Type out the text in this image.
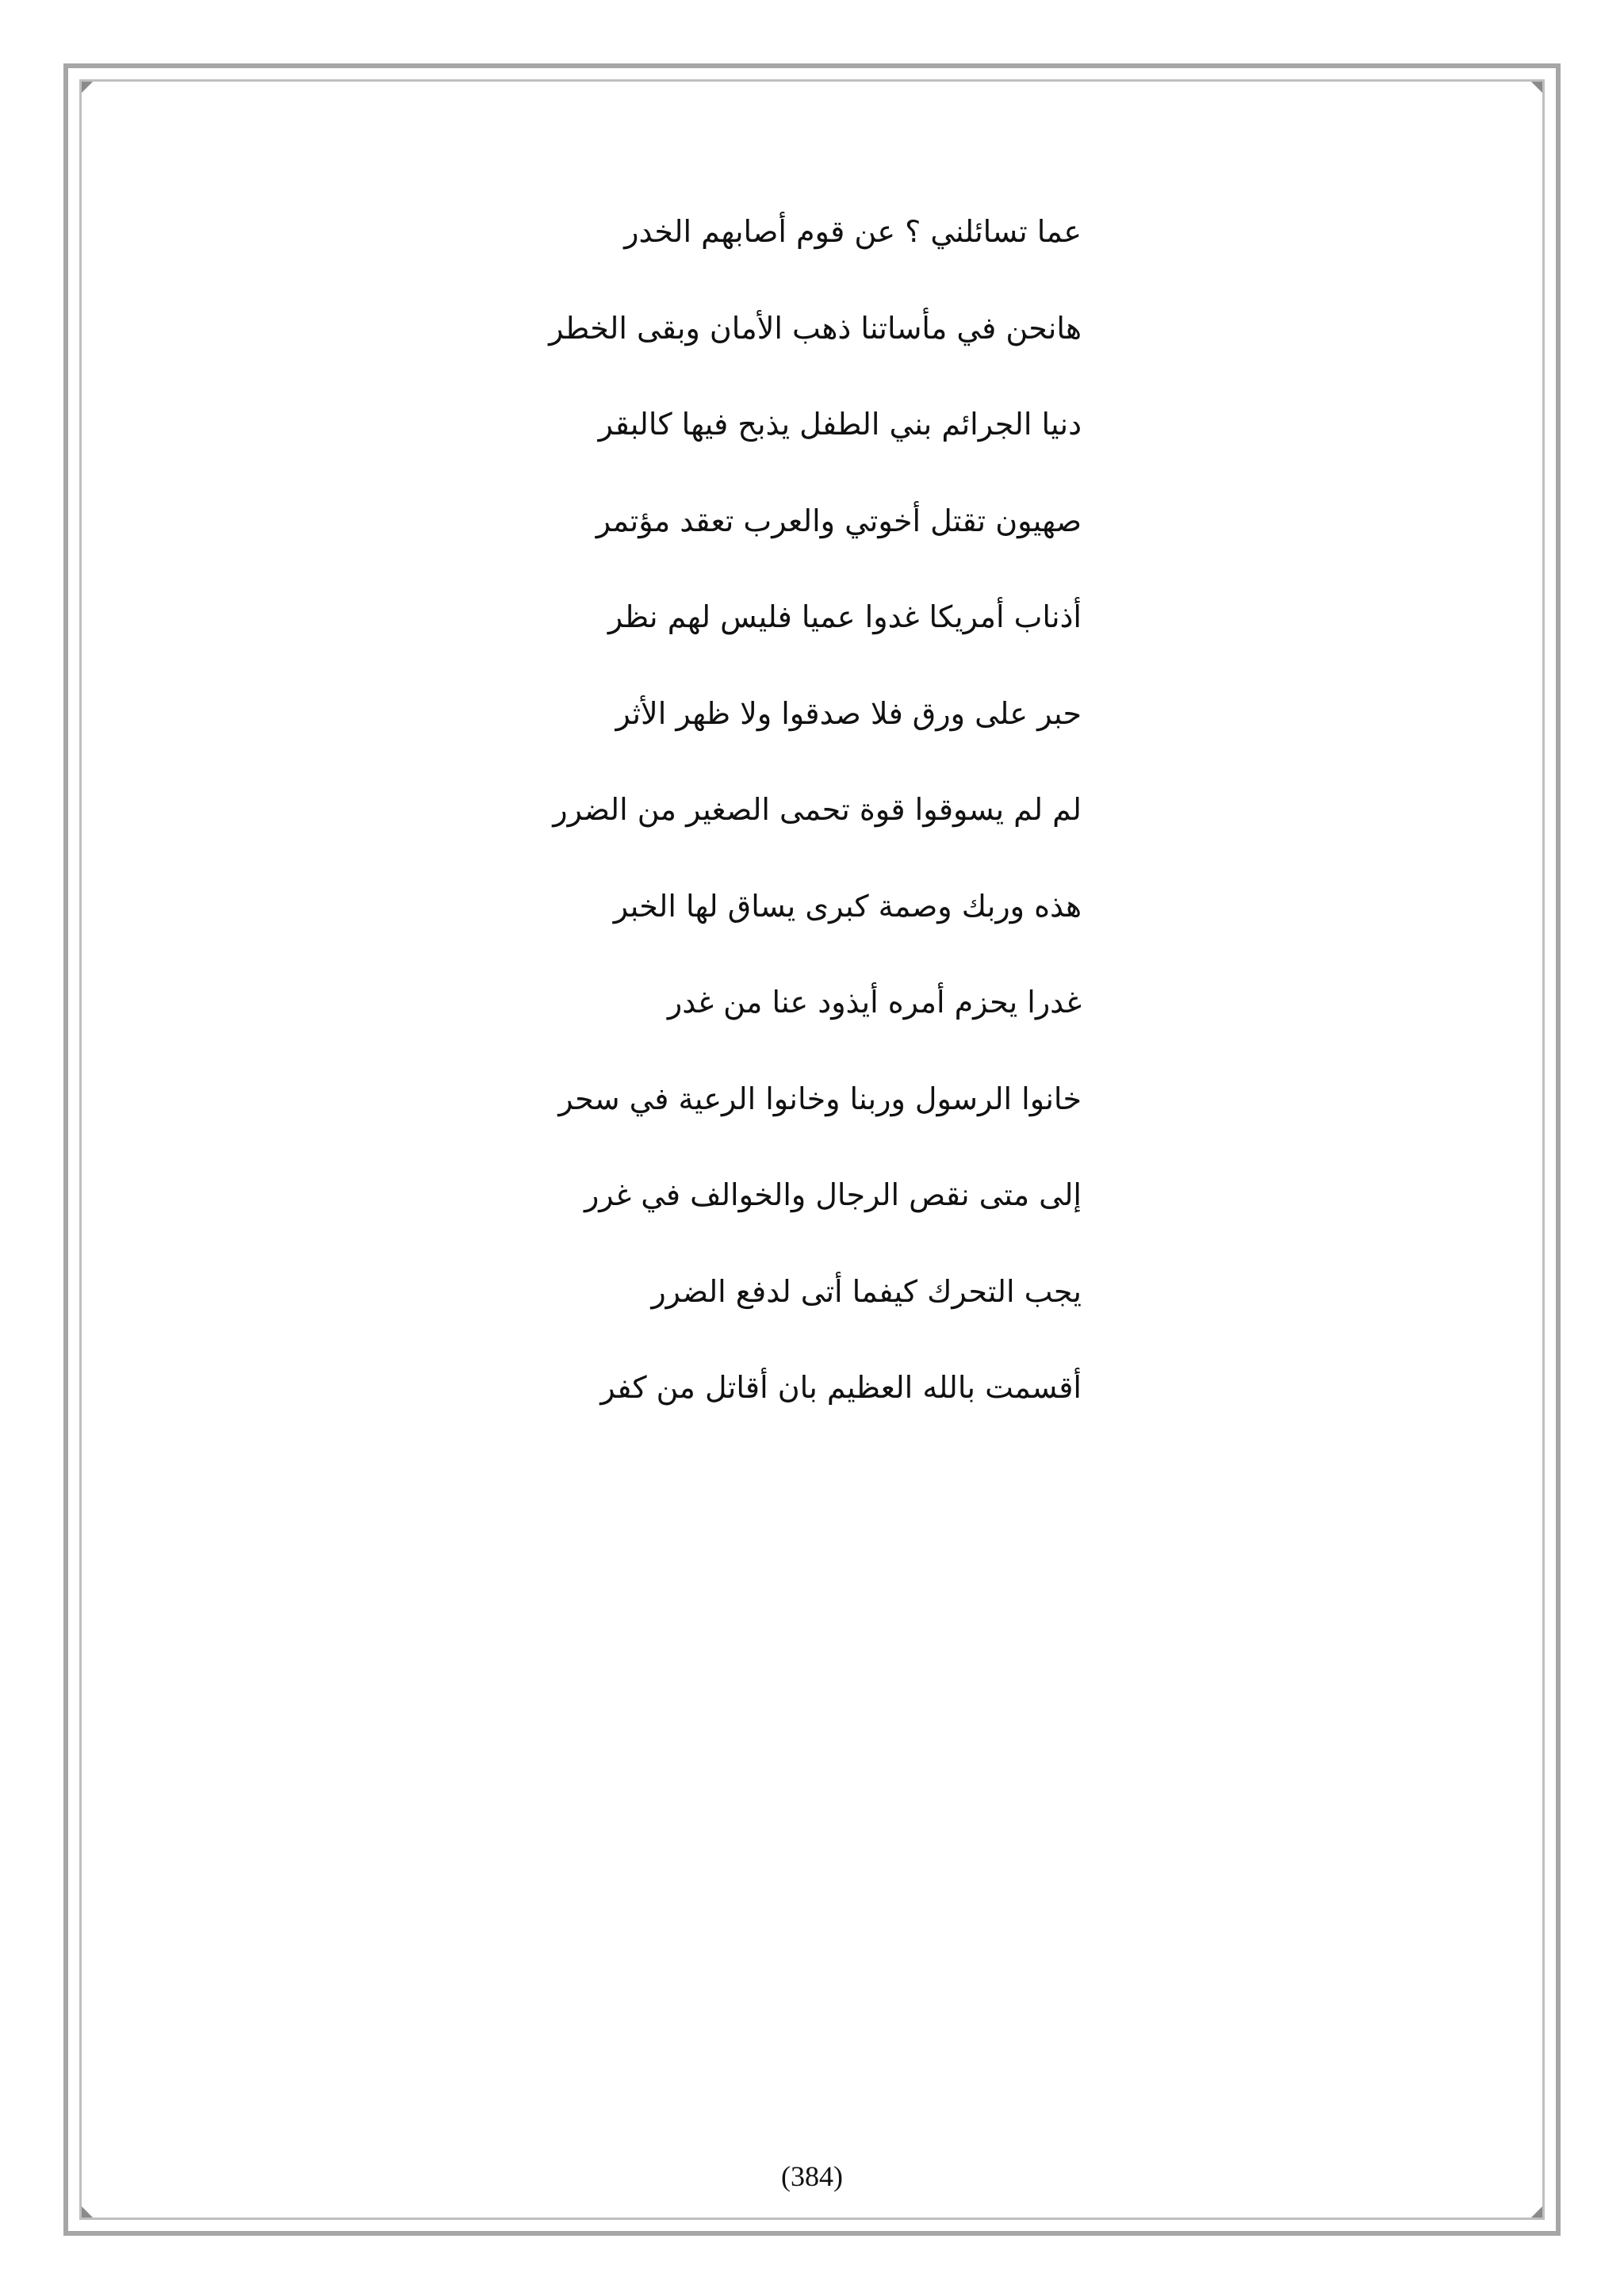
عما تسائلني ؟ عن قوم أصابهم الخدر
هانحن في مأساتنا ذهب الأمان وبقى الخطر
دنيا الجرائم بني الطفل يذبح فيها كالبقر
صهيون تقتل أخوتي والعرب تعقد مؤتمر
أذناب أمريكا غدوا عميا فليس لهم نظر
حبر على ورق فلا صدقوا ولا ظهر الأثر
لم لم يسوقوا قوة تحمى الصغير من الضرر
هذه وربك وصمة كبرى يساق لها الخبر
غدرا يحزم أمره أيذود عنا من غدر
خانوا الرسول وربنا وخانوا الرعية في سحر
إلى متى نقص الرجال والخوالف في غرر
يجب التحرك كيفما أتى لدفع الضرر
أقسمت بالله العظيم بان أقاتل من كفر
(384)
